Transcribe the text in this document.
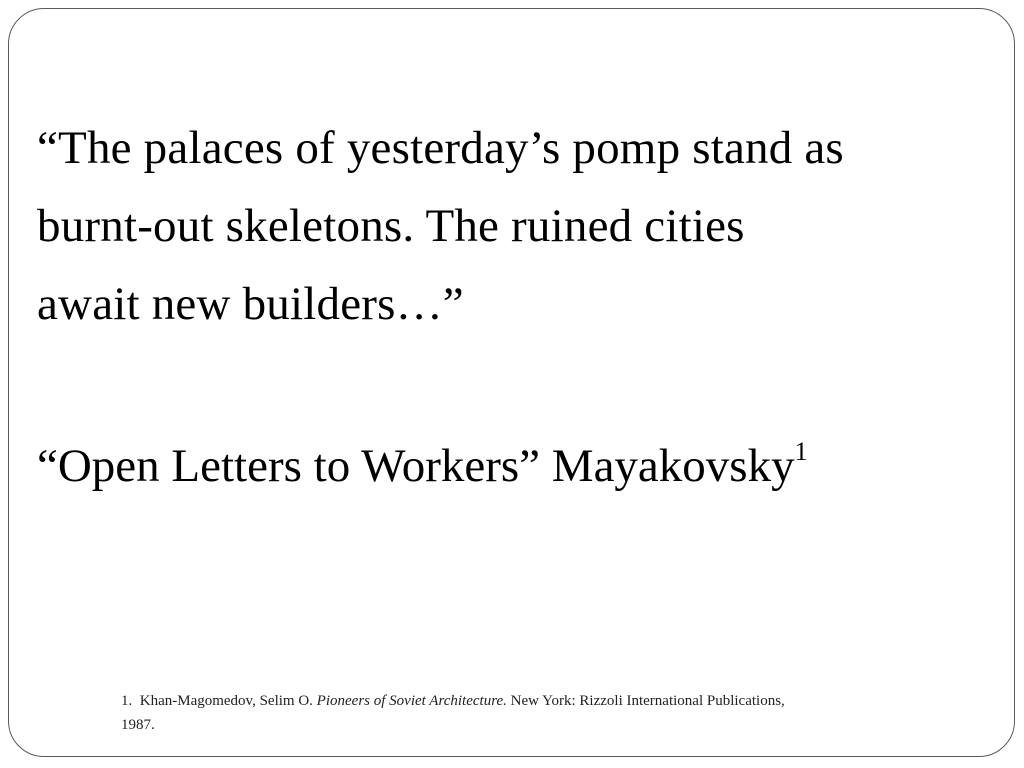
“The palaces of yesterday’s pomp stand as
burnt-out skeletons. The ruined cities
await new builders…”

“Open Letters to Workers” Mayakovsky$^1$

1. Khan-Magomedov, Selim O. Pioneers of Soviet Architecture. New York: Rizzoli International Publications,
1987.
